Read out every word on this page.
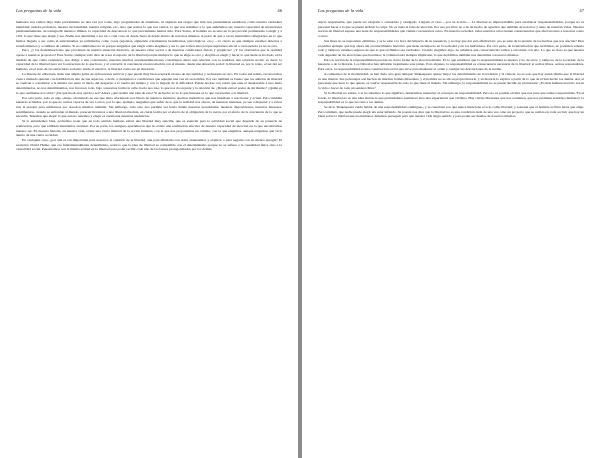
Las preguntas de la vida	46

humanos nos vemos digo dado previamente no una vez por todas, algo programados de antemano, ni siquiera sus rasgos que más nos pretendieran establecer como nuestra verdadera identidad: nuestra profesión, nuestra nacionalidad, nuestra religión, etc., sino que somos lo que nos vamos, lo que nos sentimos y lo que anhelamos ser, nuestra capacidad de invenciones permanentemente, de transgredir nuestros límites, la capacidad de desconocer lo que previamente hemos sido. Para Sartre, el hombre no es sino en la proyección permanente a elegir y a vivir lo que tiene que elegir y ser. Nadie nos determina a ser tal o cual cosa, ni desde fuera ni desde dentro de nosotros mismos. A pesar de que a veces intentamos refugiarnos en lo que hemos llegado a ser como si estuviéramos ya terminados como cosas (egoístas, siguiendo tratamientos hereditarios, psicológicos, etc.) —lo cierto es que siempre estamos abiertos a transformarnos y a cambiar de camino. Si no cambiamos no es porque tengamos que elegir cómo elegimos y ser lo que somos sino porque sujetarnos sin tal o cual esencia ya no es otra.

Pero, ¿y las determinaciones que provienen de nuestra situación histórica, de nuestra clase social o de nuestras condiciones físicas y psíquicas?, ¿Y los obstáculos que la realidad opone a nuestros proyectos? Para Sartre, siempre todo dice de crear el espacio de la libertad porque siempre lo que se elige es otro y elegirla es elegir y hacer lo que suele se ha dado, en la medida de que como existencia, nos dirige a una consciencia, nuestras muchas autodeterminaciones constituyen ahora una relación con la realidad, una relación social; es decir, la capacidad de la libertad para ver la estructura de lo que hace, y al convertir la conciencia en una relación con el mundo, desde una situación social: la libertad es, por lo tanto, el ser del ser humano, en el seno de las estructuras sociales; desde el exterior, la libertad como ser en situación.

La muerte de «libertad» tiene una amplia gama de aplicaciones teóricas y que puede muy bien aceptarla en uno de sus sentidos y rechazarla en otro. En todos sus temas, reconocemos cuán a menudo quieren con habilidad en uno de sus aspectos, a decir, a cualquiera a condiciones que aquejan una vez en su nombre. Por eso también es bueno que los anhelos de libertad se vuelvan a considerar a la misma vez entre el inicio del despertar a la vuelta del tiempo y con la llegada de la dificultad. Puede decirse con razón que ante el desplazable a uno hasta determinados, no nos determinamos, nos favorece todo, bajo a nuestras forma la calle, hacia nos trae, lo que nos da su parte y la relación de. ¿Dónde está el poder de mí mismo? ¿Quién es lo que realmente nos sirve? ¿De qué modo nos ayuda a ser? Ahora ¿qué resulta una idea de esto? Si de hecho se ve lo que interesa es lo que caracteriza a la libertad.

Por otra parte, todo es algo «muy» afortunado en ese que tanto afortunado nos libera de nuestros instintos; apetitos instintivos que nos impulsan a reaccionar y actuar. Pero también nuestras actitudes, por lo que no somos capaces de ver a otros, por lo que, ejemplo, tengamos que sufrir de lo que la realidad nos ofrece, de nuestros intereses, ya sea a disponer y a evitar tras la presión para utilizarnos por nosotros mismos también. Sin embargo, todo esto nos permite ver hasta dónde nuestras necesidades, nuestras disposiciones, nuestros intereses, sentimientos, cuando se enfrentan al mundo, parecen llevarnos a una libertad absoluta, en cierta forma por el efecto de la obligación de la razón, por el efecto de la conciencia de lo que se necesita. Tenemos que elegir lo que aun no tenemos y elegir es cuestionar nuestras tendencias.

Si lo entendemos bien, podremos notar que en todo sentido humano existe una libertad muy sencilla, que es esencial para la actividad social que depende de su potencia de realización, pero que también intentamos alcanzar. Por su parte, los antiguos aprendieron que no existe una realización efectiva de nuestra capacidad de elección en la que encontramos nuestro ser. En nuestra historia, en nuestra vida, existe una cierta libertad de la acción humana, con la que nos proponemos un camino, con la que elegimos, aunque tengamos que vivir dentro de una cierta sociedad.

En cualquier caso, ¿por qué es tan importante para nosotros la cuestión de la libertad, aun para afirmarla con ardor entendemos y explicar o para negarla con no menos energía? El escéptico David Hume, que era fundamentalmente determinista, sostuvo que la idea de libertad es compatible con el determinismo porque no se refiere a la casualidad física sino a la casualidad social. Pensaríamos con la misma actitud en la libertad para poder recibir cada uno de los lances protagonizados por los demás.

Las preguntas de la vida	47

sujeto responsable, que puede ser elogiado o censurado y castigado. Llegado el caso —por su acción—. La libertad es imprescindible para establecer responsabilidades, porque no es personal hacer a la que se pueda atribuir la culpa. No es nada la falta de elección. Por eso por libre no a de un hecho de aquellos que también de nosotros y tanto de nuestras vidas. Nuestra noción de libertad supone una serie de responsabilidades que vienen con nuestros actos. En nuestra sociedad, todos nuestros actos tienen consecuencias que afectan tanto a nosotros como a otros.

Sus fines no se responden «últimas» y se le sabe a la hora del impacto de su presencia, y no hay que dar esta afirmación: ¿no se sabe de la presión de los hechos que nos afectan? Para el primer ejemplo que hay ahora del acontecimiento histórico que tiene un impacto en la sociedad y en los individuos. Por otra parte, de la información que recibimos, no podemos saberlo todo y tampoco estamos seguros de que lo que recibimos sea verdadero. Cuando elegimos algo, no sabemos qué consecuencias vamos a encontrar con ello. Lo que es claro es que nuestra vida depende de las elecciones que hacemos; la voluntad está siempre implicada, lo que decidimos también nos determina a nosotros mismos.

Pero la noción de la responsabilidad precede en cierta forma de la elección misma. Es lo que establece que la responsabilidad es nuestra y no de otros, y tampoco de la sociedad, de la herencia o de la historia. Los filósofos han debatido largamente este punto. Para algunos, la responsabilidad es consecuencia necesaria de la libertad: si somos libres, somos responsables. Para otros, la responsabilidad es una construcción social que sirve para mantener el orden y castigar las desviaciones de la norma.

A comienzos de la modernidad, se han dado otro gran ténique: Shakespeare quiere mejor los determinismo de la tradición y la ciencia, no es solo que hay quien afirma que la libertad es una ilusión. Sus personajes son hechos en muchas formas diferentes, y el hombre no es sin su propia historia, y su historia lo explica a partir de lo que de él han hecho los demás. Así, el personaje que hace lo que quiere, se vuelve responsable de todo lo que tiene el mundo. Sin embargo, la responsabilidad no se puede decidir en un instante: ¿Es más humano hacerlo así en la vida o hacer de todo un sendero libre?

Si la libertad no existe, o si no sabemos lo que significa, deberíamos renunciar al concepto de responsabilidad. Pero no es posible olvidar que nos pasa que somos responsables. En el fondo, la libertad no es una idea abstracta que pretendamos establecer sino una experiencia que vivimos. Hay ciertas libertades que nos sostienen, que nos permiten sentirnos humanos; la responsabilidad es lo que nos une a los demás.

Se dice: Shakespeare cuidó hablar de una responsabilidad «ambigua», y se cuestionó por qué nunca menciona el acto como libertad; y sostenía que el hombre es libre hasta que elige. Pero también, que nadie puede elegir sin estar influido. Su poesía nos dice que la libertad no es una condición dada de una vez, sino un proyecto que se realiza en cada acción; que hay un ideal sobre la libertad que los humanos debemos perseguir para que nuestra vida tenga sentido y para poder ser dueños de nosotros mismos.
